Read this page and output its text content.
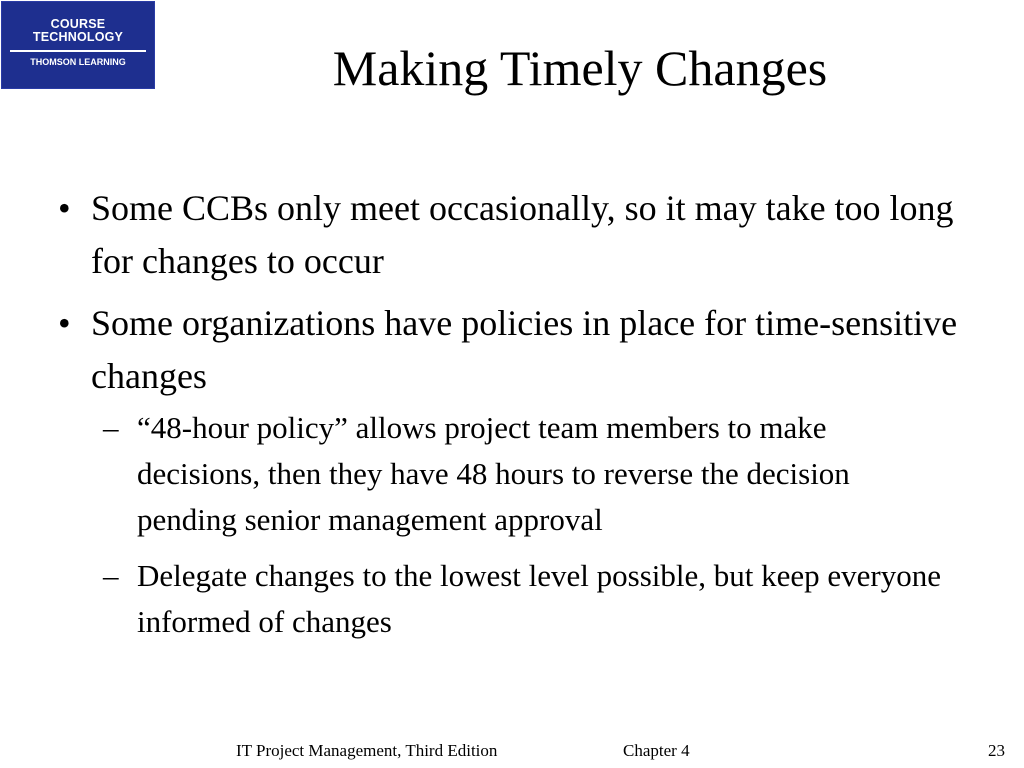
COURSE
TECHNOLOGY
THOMSON LEARNING	Making Timely Changes
• Some CCBs only meet occasionally, so it may take too long for changes to occur
• Some organizations have policies in place for time-sensitive changes
– “48-hour policy” allows project team members to make decisions, then they have 48 hours to reverse the decision pending senior management approval
– Delegate changes to the lowest level possible, but keep everyone informed of changes
IT Project Management, Third Edition	Chapter 4	23
